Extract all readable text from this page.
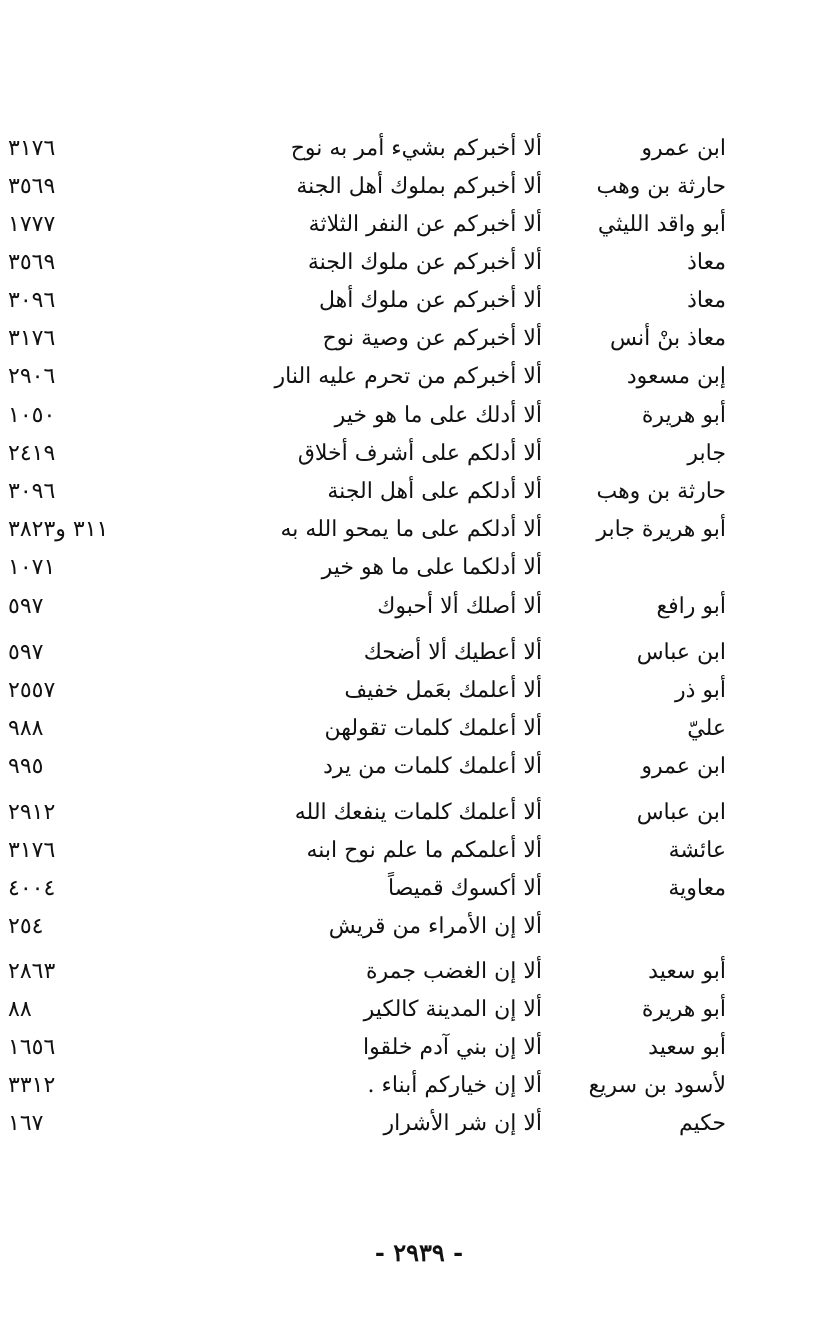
ابن عمرو
ألا أخبركم بشيء أمر به نوح
٣١٧٦
حارثة بن وهب
ألا أخبركم بملوك أهل الجنة
٣٥٦٩
أبو واقد الليثي
ألا أخبركم عن النفر الثلاثة
١٧٧٧
معاذ
ألا أخبركم عن ملوك الجنة
٣٥٦٩
معاذ
ألا أخبركم عن ملوك أهل
٣٠٩٦
معاذ بنْ أنس
ألا أخبركم عن وصية نوح
٣١٧٦
إبن مسعود
ألا أخبركم من تحرم عليه النار
٢٩٠٦
أبو هريرة
ألا أدلك على ما هو خير
١٠٥٠
جابر
ألا أدلكم على أشرف أخلاق
٢٤١٩
حارثة بن وهب
ألا أدلكم على أهل الجنة
٣٠٩٦
أبو هريرة جابر
ألا أدلكم على ما يمحو الله به
٣١١ و٣٨٢٣
ألا أدلكما على ما هو خير
١٠٧١
أبو رافع
ألا أصلك ألا أحبوك
٥٩٧
ابن عباس
ألا أعطيك ألا أضحك
٥٩٧
أبو ذر
ألا أعلمك بعَمل خفيف
٢٥٥٧
عليّ
ألا أعلمك كلمات تقولهن
٩٨٨
ابن عمرو
ألا أعلمك كلمات من يرد
٩٩٥
ابن عباس
ألا أعلمك كلمات ينفعك الله
٢٩١٢
عائشة
ألا أعلمكم ما علم نوح ابنه
٣١٧٦
معاوية
ألا أكسوك قميصاً
٤٠٠٤
ألا إن الأمراء من قريش
٢٥٤
أبو سعيد
ألا إن الغضب جمرة
٢٨٦٣
أبو هريرة
ألا إن المدينة كالكير
٨٨
أبو سعيد
ألا إن بني آدم خلقوا
١٦٥٦
لأسود بن سريع
ألا إن خياركم أبناء .
٣٣١٢
حكيم
ألا إن شر الأشرار
١٦٧
- ٢٩٣٩ -
